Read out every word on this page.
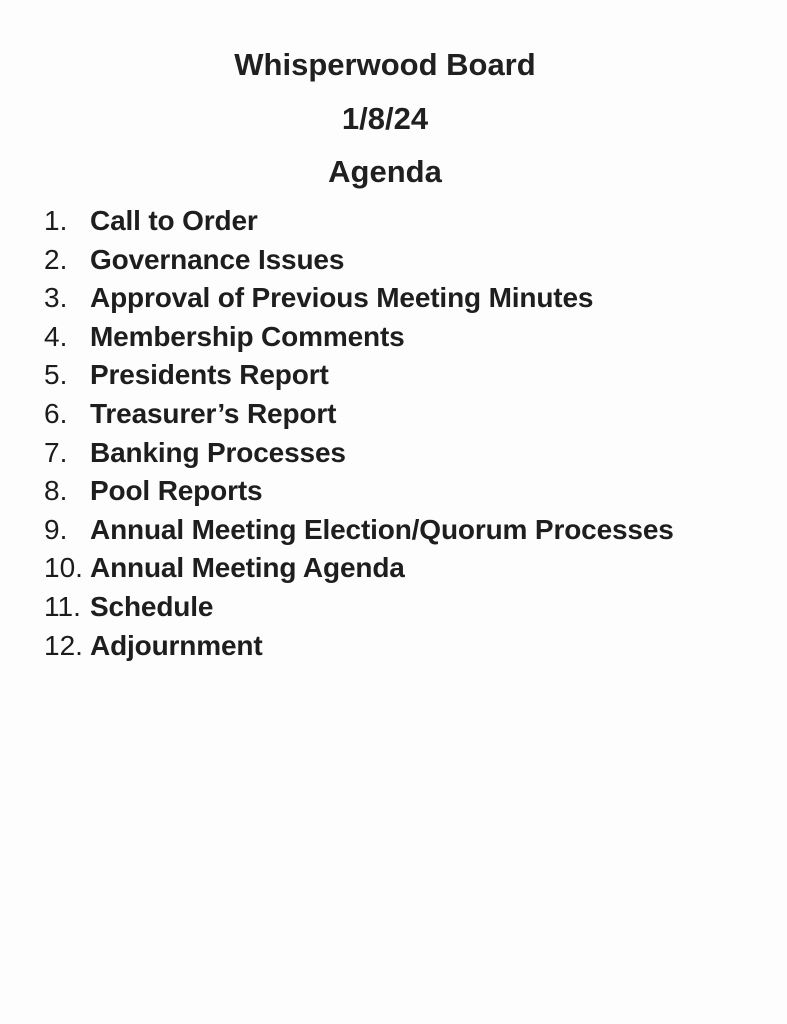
Whisperwood Board
1/8/24
Agenda
1. Call to Order
2. Governance Issues
3. Approval of Previous Meeting Minutes
4. Membership Comments
5. Presidents Report
6. Treasurer’s Report
7. Banking Processes
8. Pool Reports
9. Annual Meeting Election/Quorum Processes
10. Annual Meeting Agenda
11. Schedule
12. Adjournment
